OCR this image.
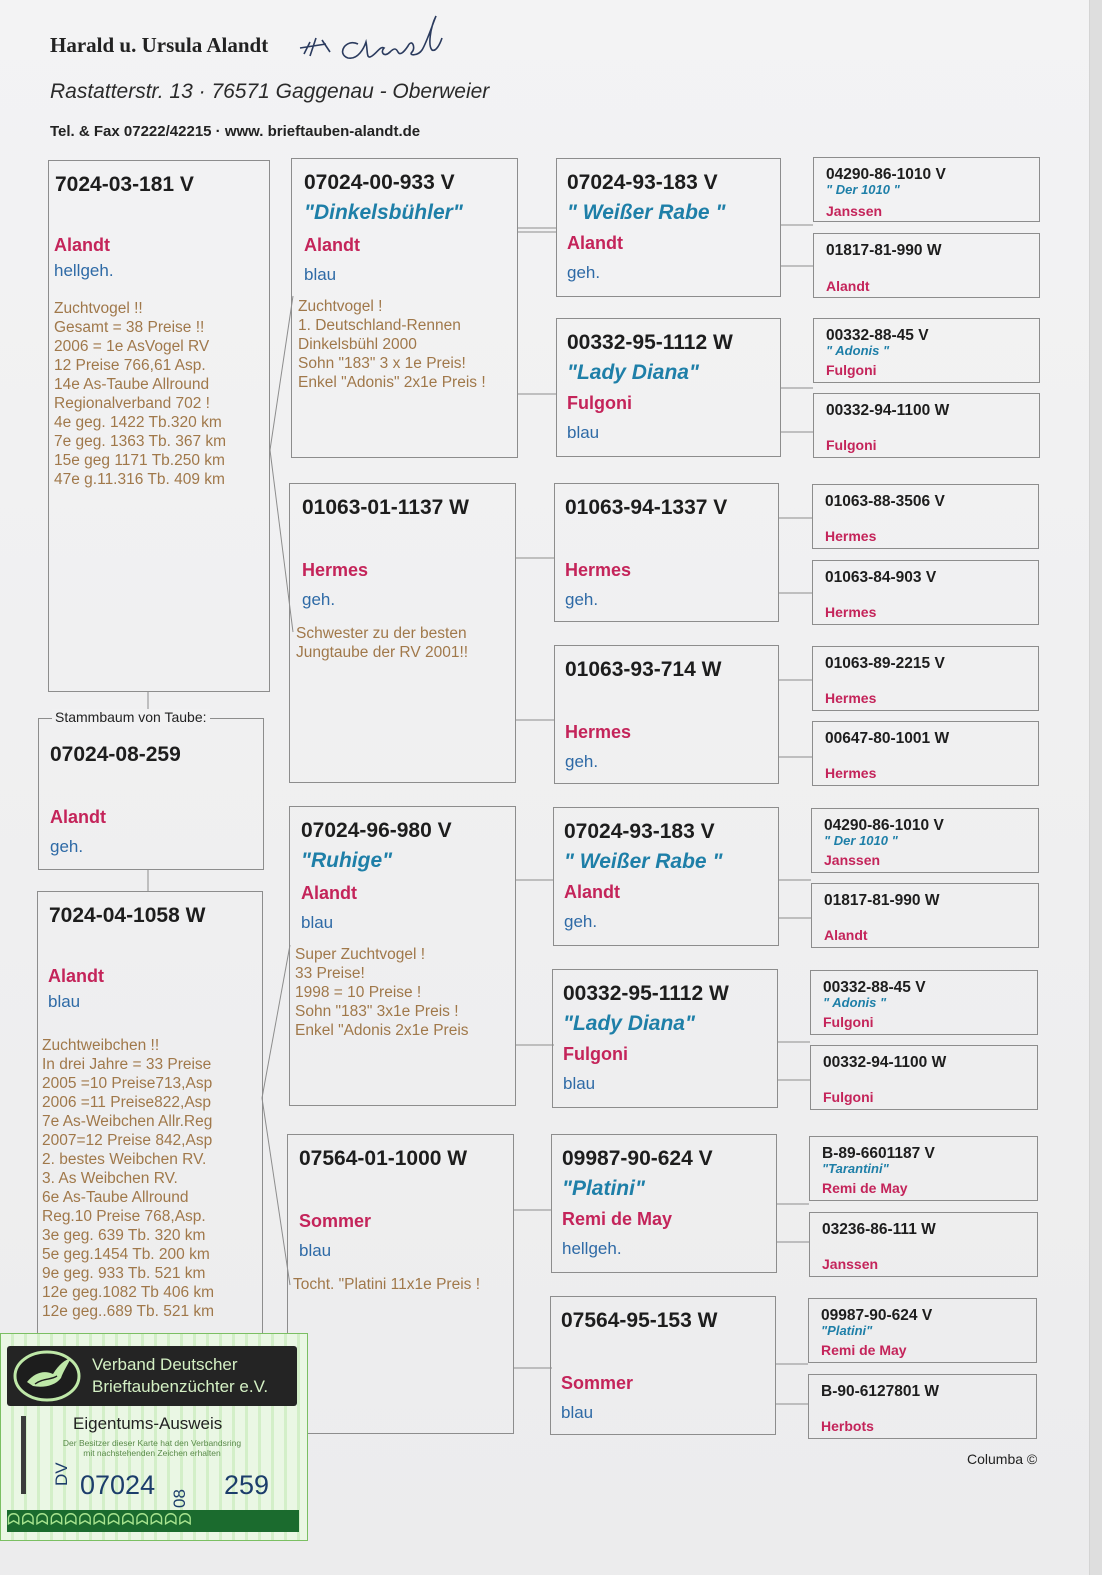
Harald u. Ursula Alandt
Rastatterstr. 13 · 76571 Gaggenau - Oberweier
Tel. & Fax 07222/42215 · www. brieftauben-alandt.de
7024-03-181 V
Alandt
hellgeh.
Zuchtvogel !!
Gesamt = 38 Preise !!
2006 = 1e AsVogel RV
12 Preise 766,61 Asp.
14e As-Taube Allround
Regionalverband 702 !
4e geg. 1422 Tb.320 km
7e geg. 1363 Tb. 367 km
15e geg 1171 Tb.250 km
47e g.11.316 Tb. 409 km
07024-08-259
Alandt
geh.
Stammbaum von Taube:
7024-04-1058 W
Alandt
blau
Zuchtweibchen !!
In drei Jahre = 33 Preise
2005 =10 Preise713,Asp
2006 =11 Preise822,Asp
7e As-Weibchen Allr.Reg
2007=12 Preise 842,Asp
2. bestes Weibchen RV.
3. As Weibchen RV.
6e As-Taube Allround
Reg.10 Preise 768,Asp.
3e geg. 639 Tb. 320 km
5e geg.1454 Tb. 200 km
9e geg. 933 Tb. 521 km
12e geg.1082 Tb 406 km
12e geg..689 Tb. 521 km
07024-00-933 V
"Dinkelsbühler"
Alandt
blau
Zuchtvogel !
1. Deutschland-Rennen
Dinkelsbühl 2000
Sohn "183" 3 x 1e Preis!
Enkel "Adonis" 2x1e Preis !
01063-01-1137 W
Hermes
geh.
Schwester zu der besten
Jungtaube der RV 2001!!
07024-96-980 V
"Ruhige"
Alandt
blau
Super Zuchtvogel !
33 Preise!
1998 = 10 Preise !
Sohn "183" 3x1e Preis !
Enkel "Adonis 2x1e Preis
07564-01-1000 W
Sommer
blau
Tocht. "Platini 11x1e Preis !
07024-93-183 V
" Weißer Rabe "
Alandt
geh.
00332-95-1112 W
"Lady Diana"
Fulgoni
blau
01063-94-1337 V
Hermes
geh.
01063-93-714 W
Hermes
geh.
07024-93-183 V
" Weißer Rabe "
Alandt
geh.
00332-95-1112 W
"Lady Diana"
Fulgoni
blau
09987-90-624 V
"Platini"
Remi de May
hellgeh.
07564-95-153 W
Sommer
blau
04290-86-1010 V
" Der 1010 "
Janssen
01817-81-990 W
Alandt
00332-88-45 V
" Adonis "
Fulgoni
00332-94-1100 W
Fulgoni
01063-88-3506 V
Hermes
01063-84-903 V
Hermes
01063-89-2215 V
Hermes
00647-80-1001 W
Hermes
04290-86-1010 V
" Der 1010 "
Janssen
01817-81-990 W
Alandt
00332-88-45 V
" Adonis "
Fulgoni
00332-94-1100 W
Fulgoni
B-89-6601187 V
"Tarantini"
Remi de May
03236-86-111 W
Janssen
09987-90-624 V
"Platini"
Remi de May
B-90-6127801 W
Herbots
Columba ©
Verband Deutscher
Brieftaubenzüchter e.V.
Eigentums-Ausweis
Der Besitzer dieser Karte hat den Verbandsring
mit nachstehenden Zeichen erhalten
ᗣᗣᗣᗣᗣᗣᗣᗣᗣᗣᗣᗣᗣ
DV 07024 08 259
